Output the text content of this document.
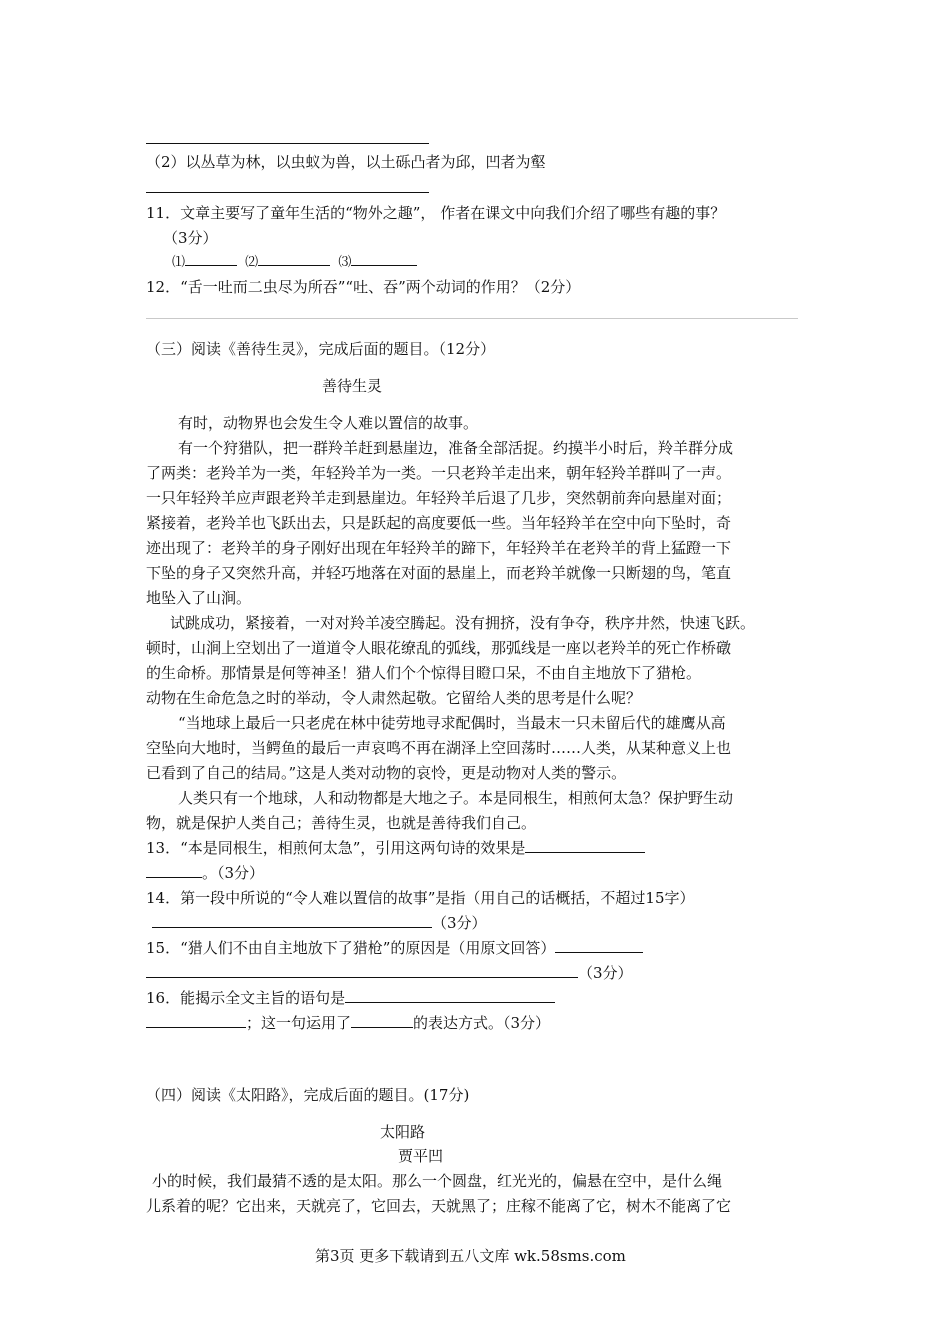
（2）以丛草为林，以虫蚁为兽，以土砾凸者为邱，凹者为壑
11．文章主要写了童年生活的“物外之趣”， 作者在课文中向我们介绍了哪些有趣的事？
（3分）
⑴	⑵	⑶
12．“舌一吐而二虫尽为所吞”“吐、吞”两个动词的作用？（2分）
（三）阅读《善待生灵》，完成后面的题目。（12分）
善待生灵
有时，动物界也会发生令人难以置信的故事。
有一个狩猎队，把一群羚羊赶到悬崖边，准备全部活捉。约摸半小时后，羚羊群分成
了两类：老羚羊为一类，年轻羚羊为一类。一只老羚羊走出来，朝年轻羚羊群叫了一声。
一只年轻羚羊应声跟老羚羊走到悬崖边。年轻羚羊后退了几步，突然朝前奔向悬崖对面；
紧接着，老羚羊也飞跃出去，只是跃起的高度要低一些。当年轻羚羊在空中向下坠时，奇
迹出现了：老羚羊的身子刚好出现在年轻羚羊的蹄下，年轻羚羊在老羚羊的背上猛蹬一下
下坠的身子又突然升高，并轻巧地落在对面的悬崖上，而老羚羊就像一只断翅的鸟，笔直
地坠入了山涧。
试跳成功，紧接着，一对对羚羊凌空腾起。没有拥挤，没有争夺，秩序井然，快速飞跃。
顿时，山涧上空划出了一道道令人眼花缭乱的弧线，那弧线是一座以老羚羊的死亡作桥礅
的生命桥。那情景是何等神圣！猎人们个个惊得目瞪口呆，不由自主地放下了猎枪。
动物在生命危急之时的举动，令人肃然起敬。它留给人类的思考是什么呢？
“当地球上最后一只老虎在林中徒劳地寻求配偶时，当最末一只未留后代的雄鹰从高
空坠向大地时，当鳄鱼的最后一声哀鸣不再在湖泽上空回荡时……人类，从某种意义上也
已看到了自己的结局。”这是人类对动物的哀怜，更是动物对人类的警示。
人类只有一个地球，人和动物都是大地之子。本是同根生，相煎何太急？保护野生动
物，就是保护人类自己；善待生灵，也就是善待我们自己。
13．“本是同根生，相煎何太急”，引用这两句诗的效果是
。（3分）
14．第一段中所说的“令人难以置信的故事”是指（用自己的话概括，不超过15字）
（3分）
15．“猎人们不由自主地放下了猎枪”的原因是（用原文回答）
（3分）
16．能揭示全文主旨的语句是
；这一句运用了	的表达方式。（3分）
（四）阅读《太阳路》，完成后面的题目。(17分)
太阳路
贾平凹
小的时候，我们最猜不透的是太阳。那么一个圆盘，红光光的，偏悬在空中，是什么绳
儿系着的呢？它出来，天就亮了，它回去，天就黑了；庄稼不能离了它，树木不能离了它
第3页 更多下载请到五八文库 wk.58sms.com
